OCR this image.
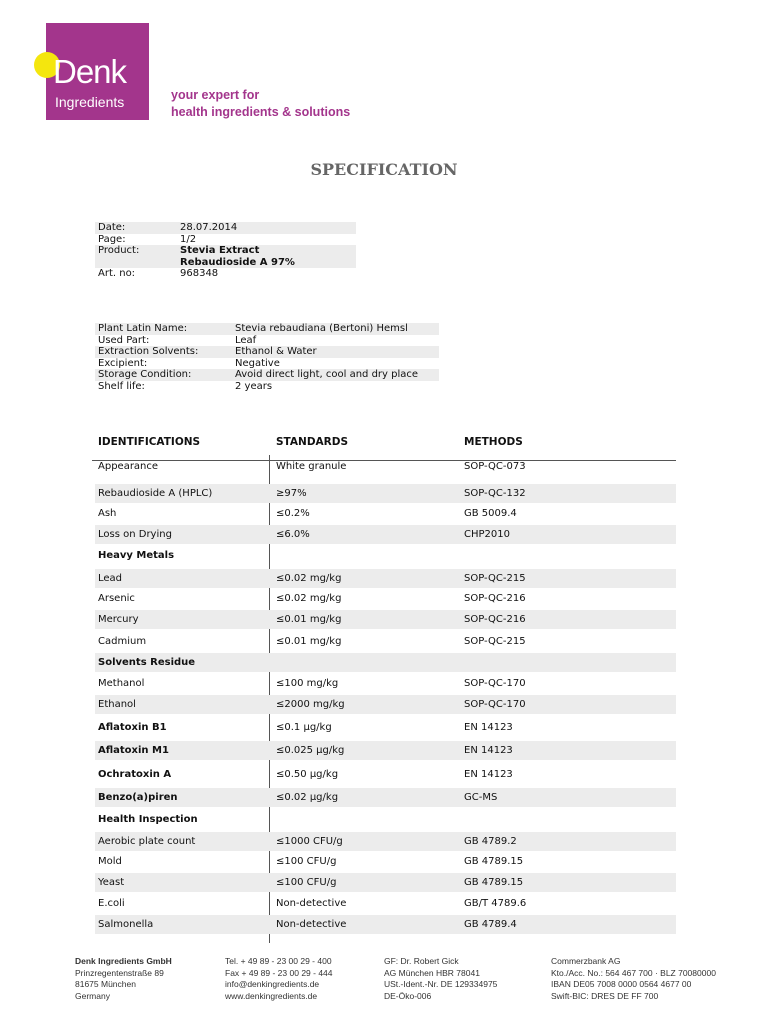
Denk
Ingredients	your expert for
health ingredients & solutions
SPECIFICATION
Date:	28.07.2014
Page:	1/2
Product:	Stevia Extract
Rebaudioside A 97%
Art. no:	968348
Plant Latin Name:	Stevia rebaudiana (Bertoni) Hemsl
Used Part:	Leaf
Extraction Solvents:	Ethanol & Water
Excipient:	Negative
Storage Condition:	Avoid direct light, cool and dry place
Shelf life:	2 years
IDENTIFICATIONS	STANDARDS	METHODS
Appearance	White granule	SOP-QC-073
Rebaudioside A (HPLC)	≥97%	SOP-QC-132
Ash	≤0.2%	GB 5009.4
Loss on Drying	≤6.0%	CHP2010
Heavy Metals
Lead	≤0.02 mg/kg	SOP-QC-215
Arsenic	≤0.02 mg/kg	SOP-QC-216
Mercury	≤0.01 mg/kg	SOP-QC-216
Cadmium	≤0.01 mg/kg	SOP-QC-215
Solvents Residue
Methanol	≤100 mg/kg	SOP-QC-170
Ethanol	≤2000 mg/kg	SOP-QC-170
Aflatoxin B1	≤0.1 µg/kg	EN 14123
Aflatoxin M1	≤0.025 µg/kg	EN 14123
Ochratoxin A	≤0.50 µg/kg	EN 14123
Benzo(a)piren	≤0.02 µg/kg	GC-MS
Health Inspection
Aerobic plate count	≤1000 CFU/g	GB 4789.2
Mold	≤100 CFU/g	GB 4789.15
Yeast	≤100 CFU/g	GB 4789.15
E.coli	Non-detective	GB/T 4789.6
Salmonella	Non-detective	GB 4789.4
Denk Ingredients GmbH
Prinzregentenstraße 89
81675 München
Germany
Tel. + 49 89 - 23 00 29 - 400
Fax + 49 89 - 23 00 29 - 444
info@denkingredients.de
www.denkingredients.de
GF: Dr. Robert Gick
AG München HBR 78041
USt.-Ident.-Nr. DE 129334975
DE-Öko-006
Commerzbank AG
Kto./Acc. No.: 564 467 700 · BLZ 70080000
IBAN DE05 7008 0000 0564 4677 00
Swift-BIC: DRES DE FF 700
